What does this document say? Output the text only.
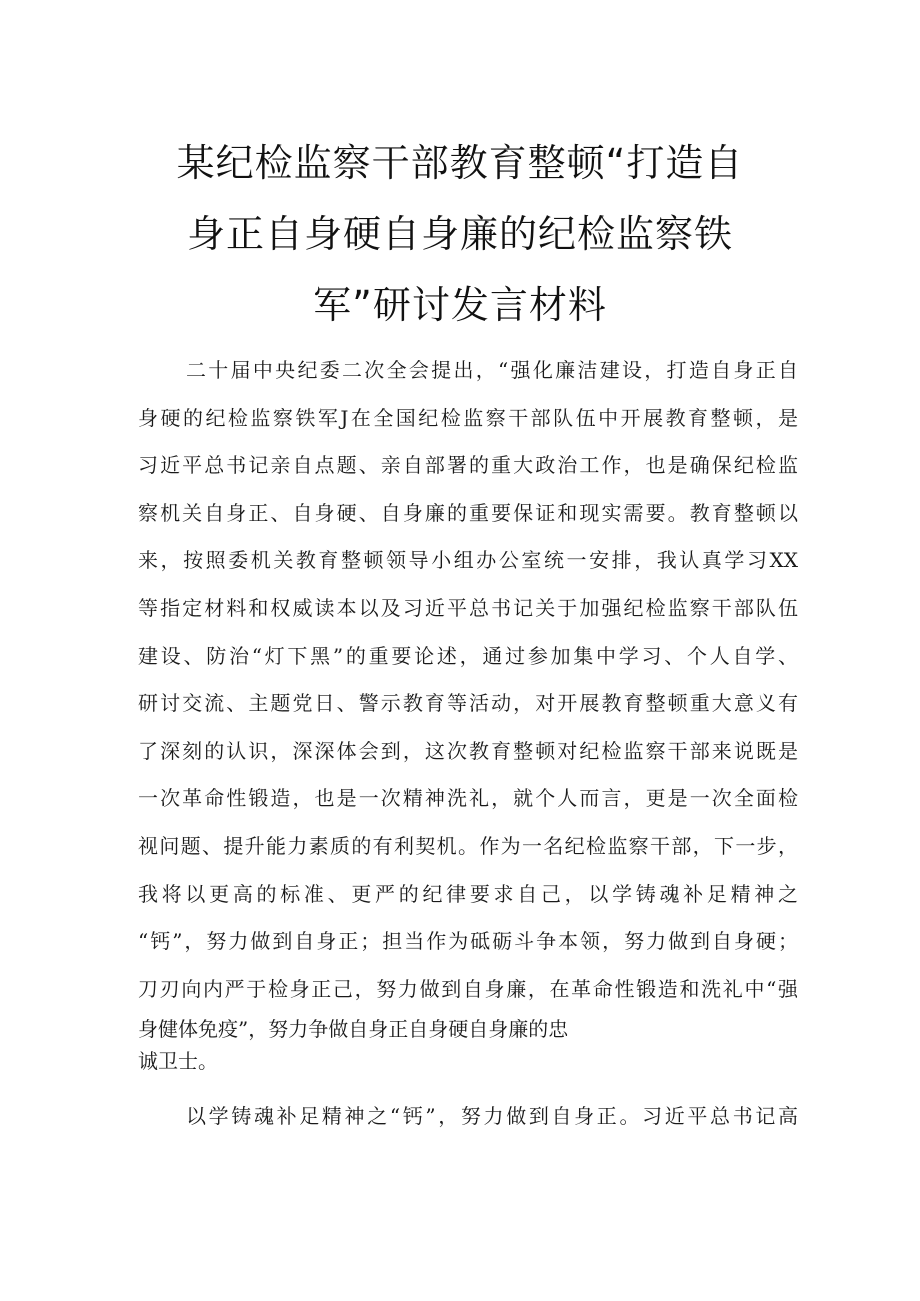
某纪检监察干部教育整顿“打造自
身正自身硬自身廉的纪检监察铁
军”研讨发言材料
二十届中央纪委二次全会提出，“强化廉洁建设，打造自身正自
身硬的纪检监察铁军J在全国纪检监察干部队伍中开展教育整顿，是
习近平总书记亲自点题、亲自部署的重大政治工作，也是确保纪检监
察机关自身正、自身硬、自身廉的重要保证和现实需要。教育整顿以
来，按照委机关教育整顿领导小组办公室统一安排，我认真学习XX
等指定材料和权威读本以及习近平总书记关于加强纪检监察干部队伍
建设、防治“灯下黑”的重要论述，通过参加集中学习、个人自学、
研讨交流、主题党日、警示教育等活动，对开展教育整顿重大意义有
了深刻的认识，深深体会到，这次教育整顿对纪检监察干部来说既是
一次革命性锻造，也是一次精神洗礼，就个人而言，更是一次全面检
视问题、提升能力素质的有利契机。作为一名纪检监察干部，下一步，
我将以更高的标准、更严的纪律要求自己，以学铸魂补足精神之
“钙”，努力做到自身正；担当作为砥砺斗争本领，努力做到自身硬；
刀刃向内严于检身正己，努力做到自身廉，在革命性锻造和洗礼中“强
身健体免疫”，努力争做自身正自身硬自身廉的忠
诚卫士。
以学铸魂补足精神之“钙”，努力做到自身正。习近平总书记高
